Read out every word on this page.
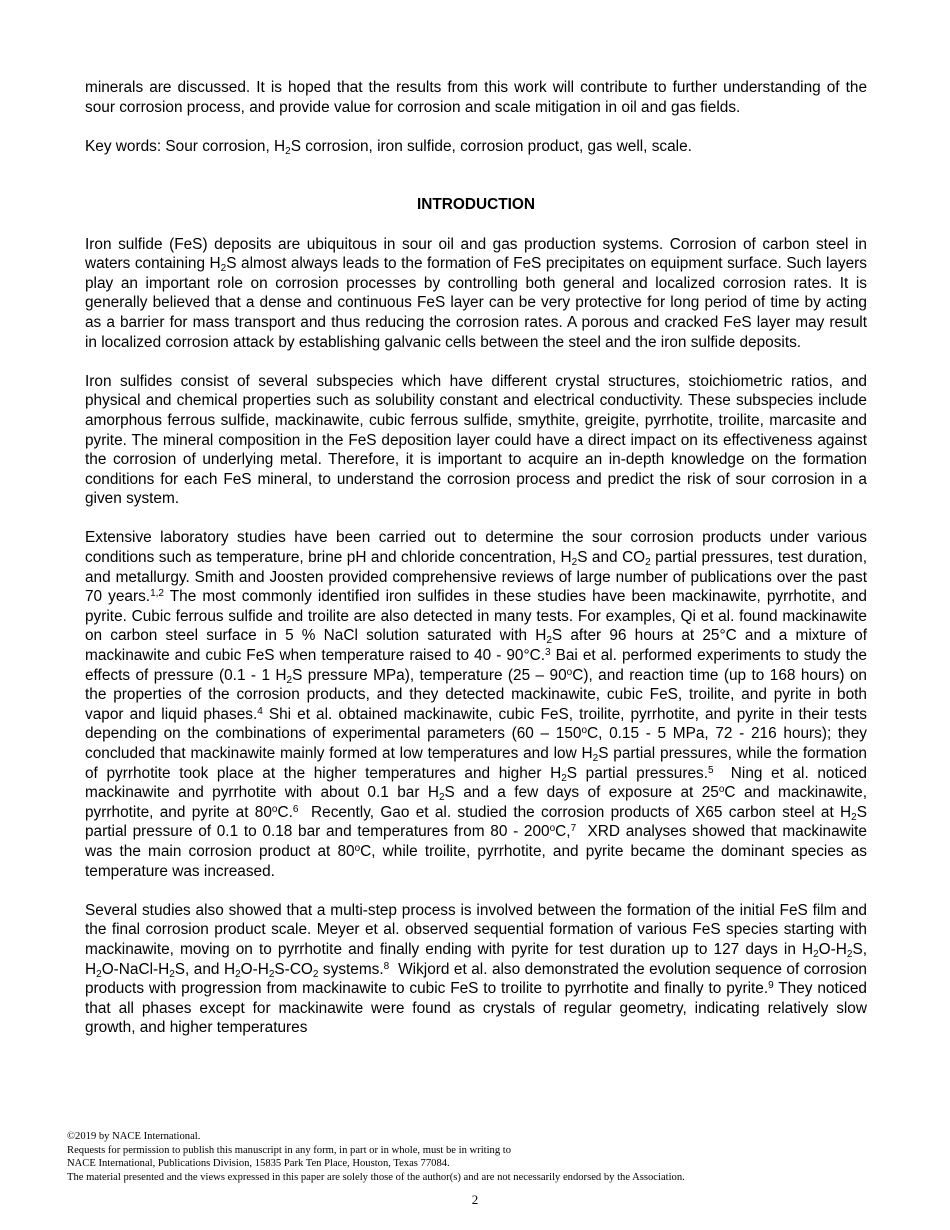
minerals are discussed. It is hoped that the results from this work will contribute to further understanding of the sour corrosion process, and provide value for corrosion and scale mitigation in oil and gas fields.

Key words: Sour corrosion, $H_2S$ corrosion, iron sulfide, corrosion product, gas well, scale.

INTRODUCTION

Iron sulfide (FeS) deposits are ubiquitous in sour oil and gas production systems. Corrosion of carbon steel in waters containing $H_2S$ almost always leads to the formation of FeS precipitates on equipment surface. Such layers play an important role on corrosion processes by controlling both general and localized corrosion rates. It is generally believed that a dense and continuous FeS layer can be very protective for long period of time by acting as a barrier for mass transport and thus reducing the corrosion rates. A porous and cracked FeS layer may result in localized corrosion attack by establishing galvanic cells between the steel and the iron sulfide deposits.

Iron sulfides consist of several subspecies which have different crystal structures, stoichiometric ratios, and physical and chemical properties such as solubility constant and electrical conductivity. These subspecies include amorphous ferrous sulfide, mackinawite, cubic ferrous sulfide, smythite, greigite, pyrrhotite, troilite, marcasite and pyrite. The mineral composition in the FeS deposition layer could have a direct impact on its effectiveness against the corrosion of underlying metal. Therefore, it is important to acquire an in-depth knowledge on the formation conditions for each FeS mineral, to understand the corrosion process and predict the risk of sour corrosion in a given system.

Extensive laboratory studies have been carried out to determine the sour corrosion products under various conditions such as temperature, brine pH and chloride concentration, $H_2S$ and $CO_2$ partial pressures, test duration, and metallurgy. Smith and Joosten provided comprehensive reviews of large number of publications over the past 70 years.$^{1,2}$ The most commonly identified iron sulfides in these studies have been mackinawite, pyrrhotite, and pyrite. Cubic ferrous sulfide and troilite are also detected in many tests. For examples, Qi et al. found mackinawite on carbon steel surface in 5 % NaCl solution saturated with $H_2S$ after 96 hours at 25°C and a mixture of mackinawite and cubic FeS when temperature raised to 40 - 90°C.$^3$ Bai et al. performed experiments to study the effects of pressure (0.1 - 1 $H_2S$ pressure MPa), temperature (25 – 90$^o$C), and reaction time (up to 168 hours) on the properties of the corrosion products, and they detected mackinawite, cubic FeS, troilite, and pyrite in both vapor and liquid phases.$^4$ Shi et al. obtained mackinawite, cubic FeS, troilite, pyrrhotite, and pyrite in their tests depending on the combinations of experimental parameters (60 – 150$^o$C, 0.15 - 5 MPa, 72 - 216 hours); they concluded that mackinawite mainly formed at low temperatures and low $H_2S$ partial pressures, while the formation of pyrrhotite took place at the higher temperatures and higher $H_2S$ partial pressures.$^5$  Ning et al. noticed mackinawite and pyrrhotite with about 0.1 bar $H_2S$ and a few days of exposure at 25$^o$C and mackinawite, pyrrhotite, and pyrite at 80$^o$C.$^6$  Recently, Gao et al. studied the corrosion products of X65 carbon steel at $H_2S$ partial pressure of 0.1 to 0.18 bar and temperatures from 80 - 200$^o$C,$^7$  XRD analyses showed that mackinawite was the main corrosion product at 80$^o$C, while troilite, pyrrhotite, and pyrite became the dominant species as temperature was increased.

Several studies also showed that a multi-step process is involved between the formation of the initial FeS film and the final corrosion product scale. Meyer et al. observed sequential formation of various FeS species starting with mackinawite, moving on to pyrrhotite and finally ending with pyrite for test duration up to 127 days in $H_2O-H_2S$, $H_2O-NaCl-H_2S$, and $H_2O-H_2S-CO_2$ systems.$^8$  Wikjord et al. also demonstrated the evolution sequence of corrosion products with progression from mackinawite to cubic FeS to troilite to pyrrhotite and finally to pyrite.$^9$ They noticed that all phases except for mackinawite were found as crystals of regular geometry, indicating relatively slow growth, and higher temperatures

©2019 by NACE International.
Requests for permission to publish this manuscript in any form, in part or in whole, must be in writing to
NACE International, Publications Division, 15835 Park Ten Place, Houston, Texas 77084.
The material presented and the views expressed in this paper are solely those of the author(s) and are not necessarily endorsed by the Association.
2
